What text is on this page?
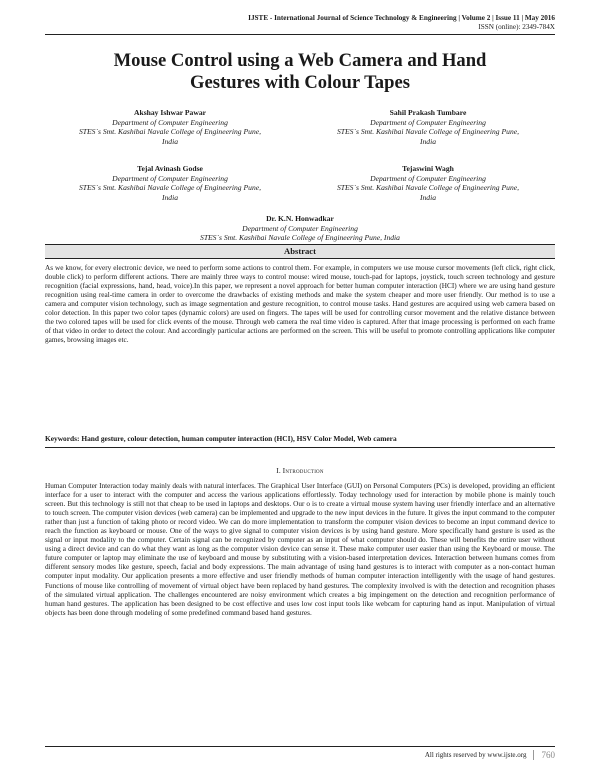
IJSTE - International Journal of Science Technology & Engineering | Volume 2 | Issue 11 | May 2016
ISSN (online): 2349-784X
Mouse Control using a Web Camera and Hand
Gestures with Colour Tapes
Akshay Ishwar Pawar
Department of Computer Engineering
STES`s Smt. Kashibai Navale College of Engineering Pune,
India
Sahil Prakash Tumbare
Department of Computer Engineering
STES`s Smt. Kashibai Navale College of Engineering Pune,
India
Tejal Avinash Godse
Department of Computer Engineering
STES`s Smt. Kashibai Navale College of Engineering Pune,
India
Tejaswini Wagh
Department of Computer Engineering
STES`s Smt. Kashibai Navale College of Engineering Pune,
India
Dr. K.N. Honwadkar
Department of Computer Engineering
STES`s Smt. Kashibai Navale College of Engineering Pune, India
Abstract
As we know, for every electronic device, we need to perform some actions to control them. For example, in computers we use mouse cursor movements (left click, right click, double click) to perform different actions. There are mainly three ways to control mouse: wired mouse, touch-pad for laptops, joystick, touch screen technology and gesture recognition (facial expressions, hand, head, voice).In this paper, we represent a novel approach for better human computer interaction (HCI) where we are using hand gesture recognition using real-time camera in order to overcome the drawbacks of existing methods and make the system cheaper and more user friendly. Our method is to use a camera and computer vision technology, such as image segmentation and gesture recognition, to control mouse tasks. Hand gestures are acquired using web camera based on color detection. In this paper two color tapes (dynamic colors) are used on fingers. The tapes will be used for controlling cursor movement and the relative distance between the two colored tapes will be used for click events of the mouse. Through web camera the real time video is captured. After that image processing is performed on each frame of that video in order to detect the colour. And accordingly particular actions are performed on the screen. This will be useful to promote controlling applications like computer games, browsing images etc.
Keywords: Hand gesture, colour detection, human computer interaction (HCI), HSV Color Model, Web camera
I. Introduction
Human Computer Interaction today mainly deals with natural interfaces. The Graphical User Interface (GUI) on Personal Computers (PCs) is developed, providing an efficient interface for a user to interact with the computer and access the various applications effortlessly. Today technology used for interaction by mobile phone is mainly touch screen. But this technology is still not that cheap to be used in laptops and desktops. Our o is to create a virtual mouse system having user friendly interface and an alternative to touch screen. The computer vision devices (web camera) can be implemented and upgrade to the new input devices in the future. It gives the input command to the computer rather than just a function of taking photo or record video. We can do more implementation to transform the computer vision devices to become an input command device to reach the function as keyboard or mouse. One of the ways to give signal to computer vision devices is by using hand gesture. More specifically hand gesture is used as the signal or input modality to the computer. Certain signal can be recognized by computer as an input of what computer should do. These will benefits the entire user without using a direct device and can do what they want as long as the computer vision device can sense it. These make computer user easier than using the Keyboard or mouse. The future computer or laptop may eliminate the use of keyboard and mouse by substituting with a vision-based interpretation devices. Interaction between humans comes from different sensory modes like gesture, speech, facial and body expressions. The main advantage of using hand gestures is to interact with computer as a non-contact human computer input modality. Our application presents a more effective and user friendly methods of human computer interaction intelligently with the usage of hand gestures. Functions of mouse like controlling of movement of virtual object have been replaced by hand gestures. The complexity involved is with the detection and recognition phases of the simulated virtual application. The challenges encountered are noisy environment which creates a big impingement on the detection and recognition performance of human hand gestures. The application has been designed to be cost effective and uses low cost input tools like webcam for capturing hand as input. Manipulation of virtual objects has been done through modeling of some predefined command based hand gestures.
All rights reserved by www.ijste.org	760
